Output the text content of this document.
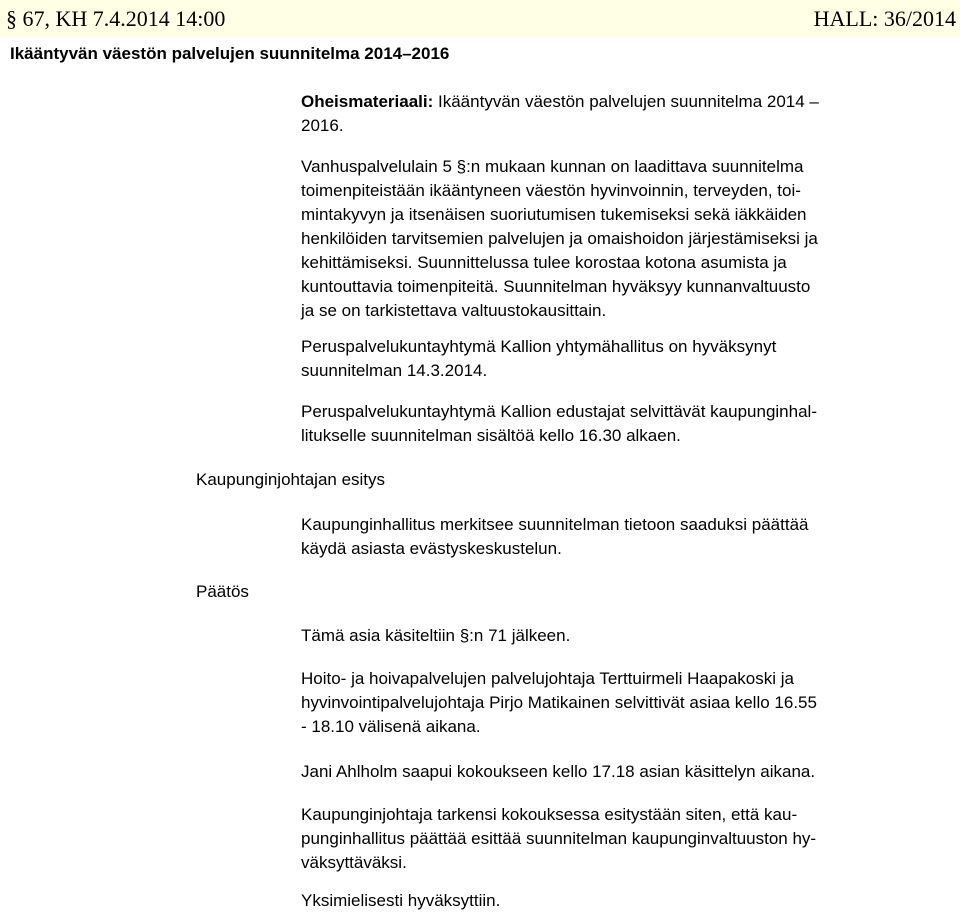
§ 67, KH 7.4.2014 14:00	HALL: 36/2014
Ikääntyvän väestön palvelujen suunnitelma 2014–2016
Oheismateriaali: Ikääntyvän väestön palvelujen suunnitelma 2014 –
2016.
Vanhuspalvelulain 5 §:n mukaan kunnan on laadittava suunnitelma
toimenpiteistään ikääntyneen väestön hyvinvoinnin, terveyden, toi-
mintakyvyn ja itsenäisen suoriutumisen tukemiseksi sekä iäkkäiden
henkilöiden tarvitsemien palvelujen ja omaishoidon järjestämiseksi ja
kehittämiseksi. Suunnittelussa tulee korostaa kotona asumista ja
kuntouttavia toimenpiteitä. Suunnitelman hyväksyy kunnanvaltuusto
ja se on tarkistettava valtuustokausittain.
Peruspalvelukuntayhtymä Kallion yhtymähallitus on hyväksynyt
suunnitelman 14.3.2014.
Peruspalvelukuntayhtymä Kallion edustajat selvittävät kaupunginhal-
litukselle suunnitelman sisältöä kello 16.30 alkaen.
Kaupunginjohtajan esitys
Kaupunginhallitus merkitsee suunnitelman tietoon saaduksi päättää
käydä asiasta evästyskeskustelun.
Päätös
Tämä asia käsiteltiin §:n 71 jälkeen.
Hoito- ja hoivapalvelujen palvelujohtaja Terttuirmeli Haapakoski ja
hyvinvointipalvelujohtaja Pirjo Matikainen selvittivät asiaa kello 16.55
- 18.10 välisenä aikana.
Jani Ahlholm saapui kokoukseen kello 17.18 asian käsittelyn aikana.
Kaupunginjohtaja tarkensi kokouksessa esitystään siten, että kau-
punginhallitus päättää esittää suunnitelman kaupunginvaltuuston hy-
väksyttäväksi.
Yksimielisesti hyväksyttiin.
